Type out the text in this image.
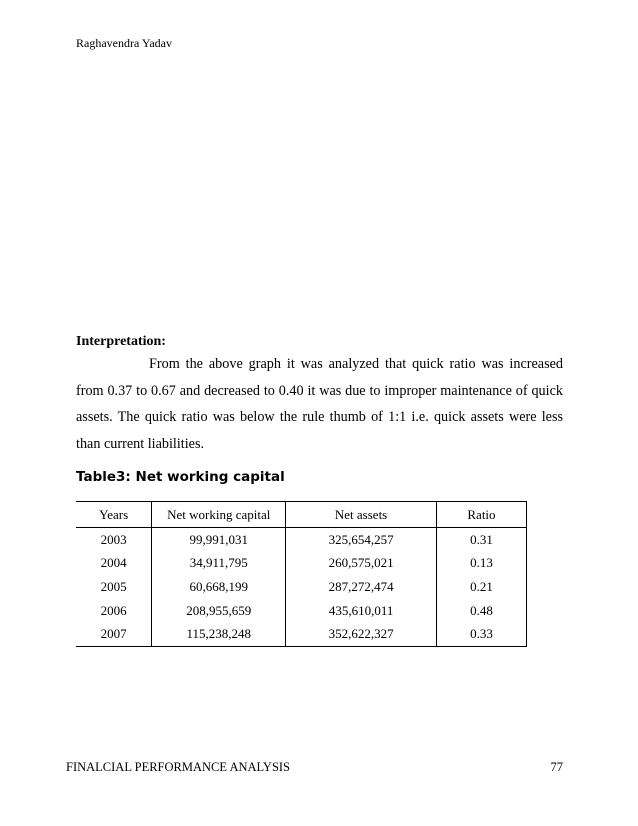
Raghavendra Yadav
Interpretation:
From the above graph it was analyzed that quick ratio was increased from 0.37 to 0.67 and decreased to 0.40 it was due to improper maintenance of quick assets. The quick ratio was below the rule thumb of 1:1 i.e. quick assets were less than current liabilities.
Table3: Net working capital
Years	Net working capital	Net assets	Ratio
2003	99,991,031	325,654,257	0.31
2004	34,911,795	260,575,021	0.13
2005	60,668,199	287,272,474	0.21
2006	208,955,659	435,610,011	0.48
2007	115,238,248	352,622,327	0.33
FINALCIAL PERFORMANCE ANALYSIS	77
